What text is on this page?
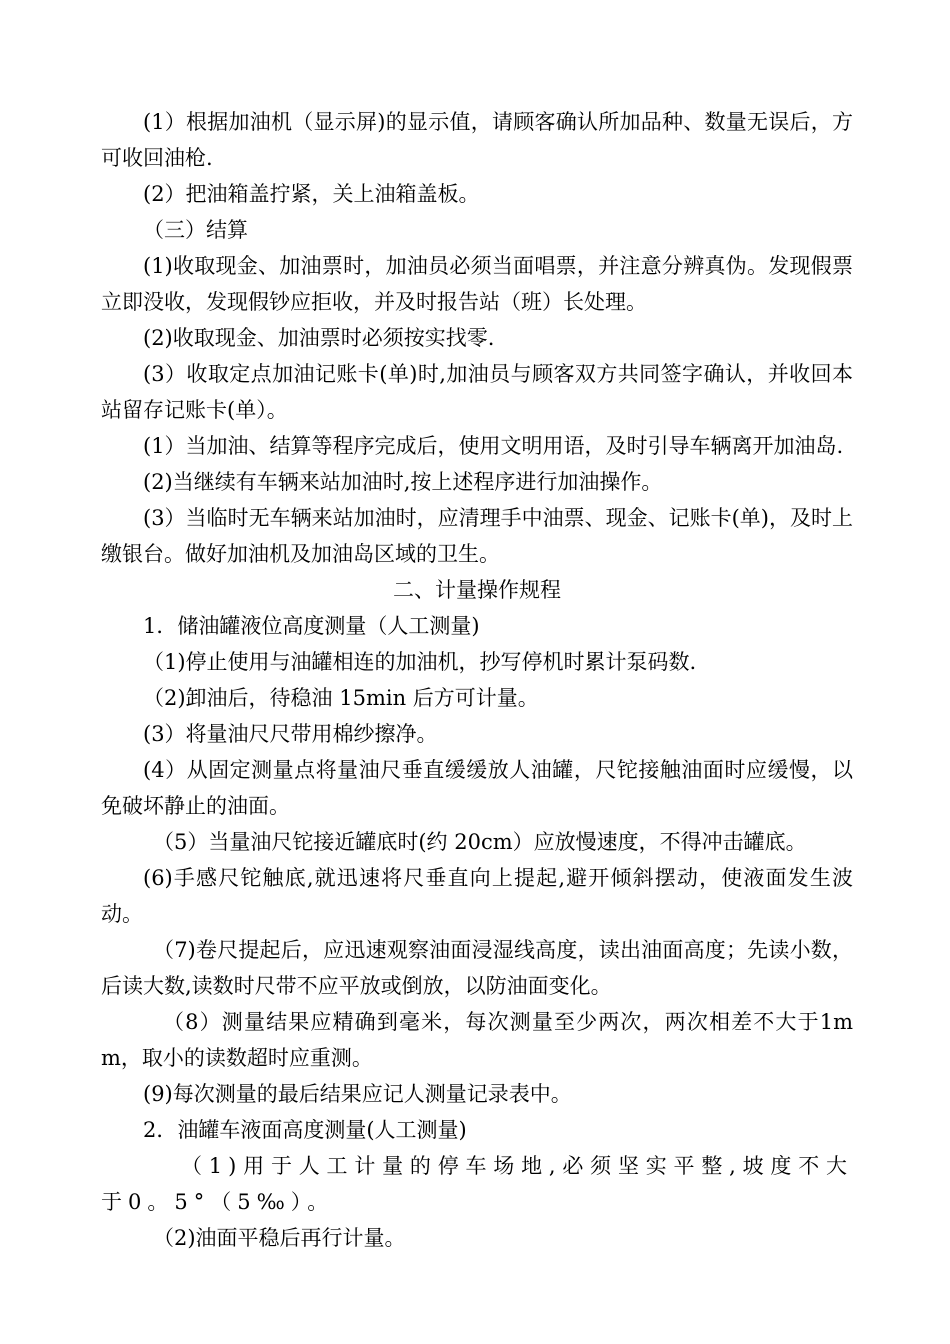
(1）根据加油机（显示屏)的显示值，请顾客确认所加品种、数量无误后，方可收回油枪.

(2）把油箱盖拧紧，关上油箱盖板。

（三）结算

(1)收取现金、加油票时，加油员必须当面唱票，并注意分辨真伪。发现假票立即没收，发现假钞应拒收，并及时报告站（班）长处理。

(2)收取现金、加油票时必须按实找零.

(3）收取定点加油记账卡(单)时,加油员与顾客双方共同签字确认，并收回本站留存记账卡(单）。

(1）当加油、结算等程序完成后，使用文明用语，及时引导车辆离开加油岛.

(2)当继续有车辆来站加油时,按上述程序进行加油操作。

(3）当临时无车辆来站加油时，应清理手中油票、现金、记账卡(单)，及时上缴银台。做好加油机及加油岛区域的卫生。

二、计量操作规程

1．储油罐液位高度测量（人工测量)

（1)停止使用与油罐相连的加油机，抄写停机时累计泵码数.

（2)卸油后，待稳油 15min 后方可计量。

(3）将量油尺尺带用棉纱擦净。

(4）从固定测量点将量油尺垂直缓缓放人油罐，尺铊接触油面时应缓慢，以免破坏静止的油面。

（5）当量油尺铊接近罐底时(约 20cm）应放慢速度，不得冲击罐底。

(6)手感尺铊触底,就迅速将尺垂直向上提起,避开倾斜摆动，使液面发生波动。

（7)卷尺提起后，应迅速观察油面浸湿线高度，读出油面高度；先读小数，后读大数,读数时尺带不应平放或倒放，以防油面变化。

（8）测量结果应精确到毫米，每次测量至少两次，两次相差不大于1mm，取小的读数超时应重测。

(9)每次测量的最后结果应记人测量记录表中。

2．油罐车液面高度测量(人工测量)

（1)用于人工计量的停车场地,必须坚实平整,坡度不大于0。5°（5‰）。

（2)油面平稳后再行计量。
